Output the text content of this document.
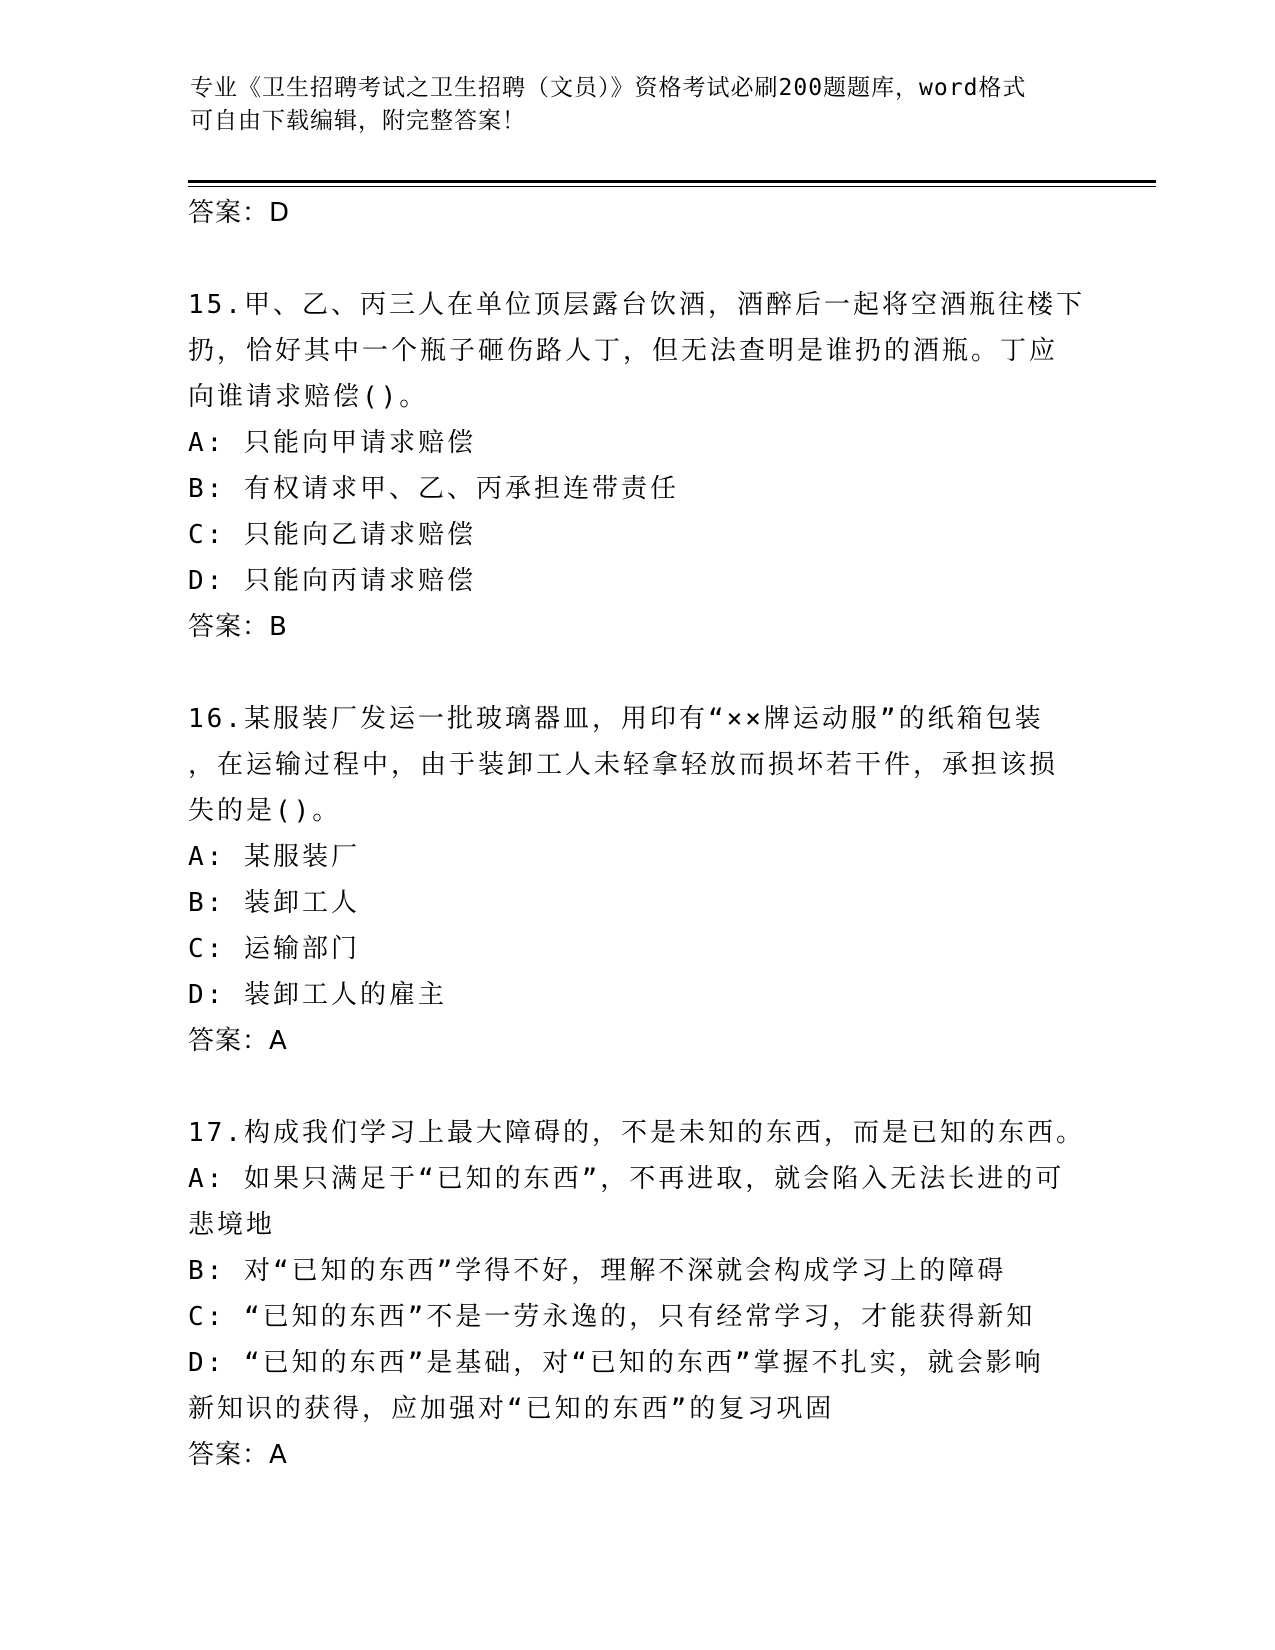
专业《卫生招聘考试之卫生招聘（文员）》资格考试必刷200题题库，word格式
可自由下载编辑，附完整答案！
答案：D
15.甲、乙、丙三人在单位顶层露台饮酒，酒醉后一起将空酒瓶往楼下
扔，恰好其中一个瓶子砸伤路人丁，但无法查明是谁扔的酒瓶。丁应
向谁请求赔偿()。
A: 只能向甲请求赔偿
B: 有权请求甲、乙、丙承担连带责任
C: 只能向乙请求赔偿
D: 只能向丙请求赔偿
答案：B
16.某服装厂发运一批玻璃器皿，用印有“××牌运动服”的纸箱包装
，在运输过程中，由于装卸工人未轻拿轻放而损坏若干件，承担该损
失的是()。
A: 某服装厂
B: 装卸工人
C: 运输部门
D: 装卸工人的雇主
答案：A
17.构成我们学习上最大障碍的，不是未知的东西，而是已知的东西。
A: 如果只满足于“已知的东西”，不再进取，就会陷入无法长进的可
悲境地
B: 对“已知的东西”学得不好，理解不深就会构成学习上的障碍
C: “已知的东西”不是一劳永逸的，只有经常学习，才能获得新知
D: “已知的东西”是基础，对“已知的东西”掌握不扎实，就会影响
新知识的获得，应加强对“已知的东西”的复习巩固
答案：A
